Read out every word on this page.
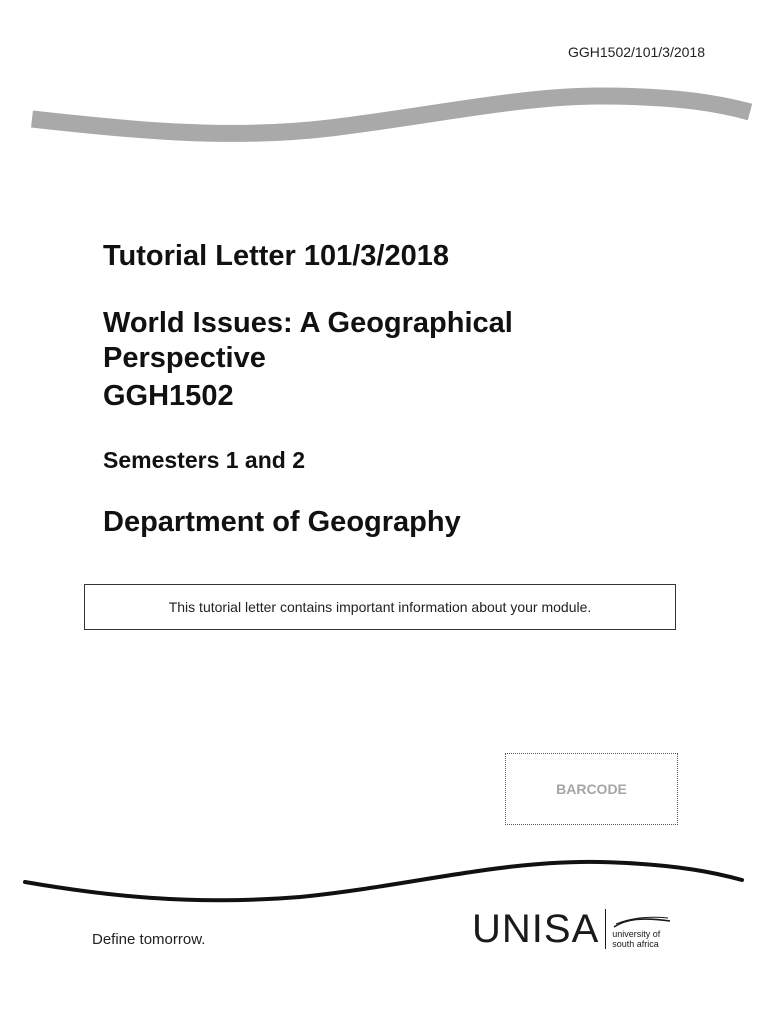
GGH1502/101/3/2018
Tutorial Letter 101/3/2018
World Issues: A Geographical Perspective
GGH1502
Semesters 1 and 2
Department of Geography
This tutorial letter contains important information about your module.
BARCODE
Define tomorrow.	UNISA university of south africa
